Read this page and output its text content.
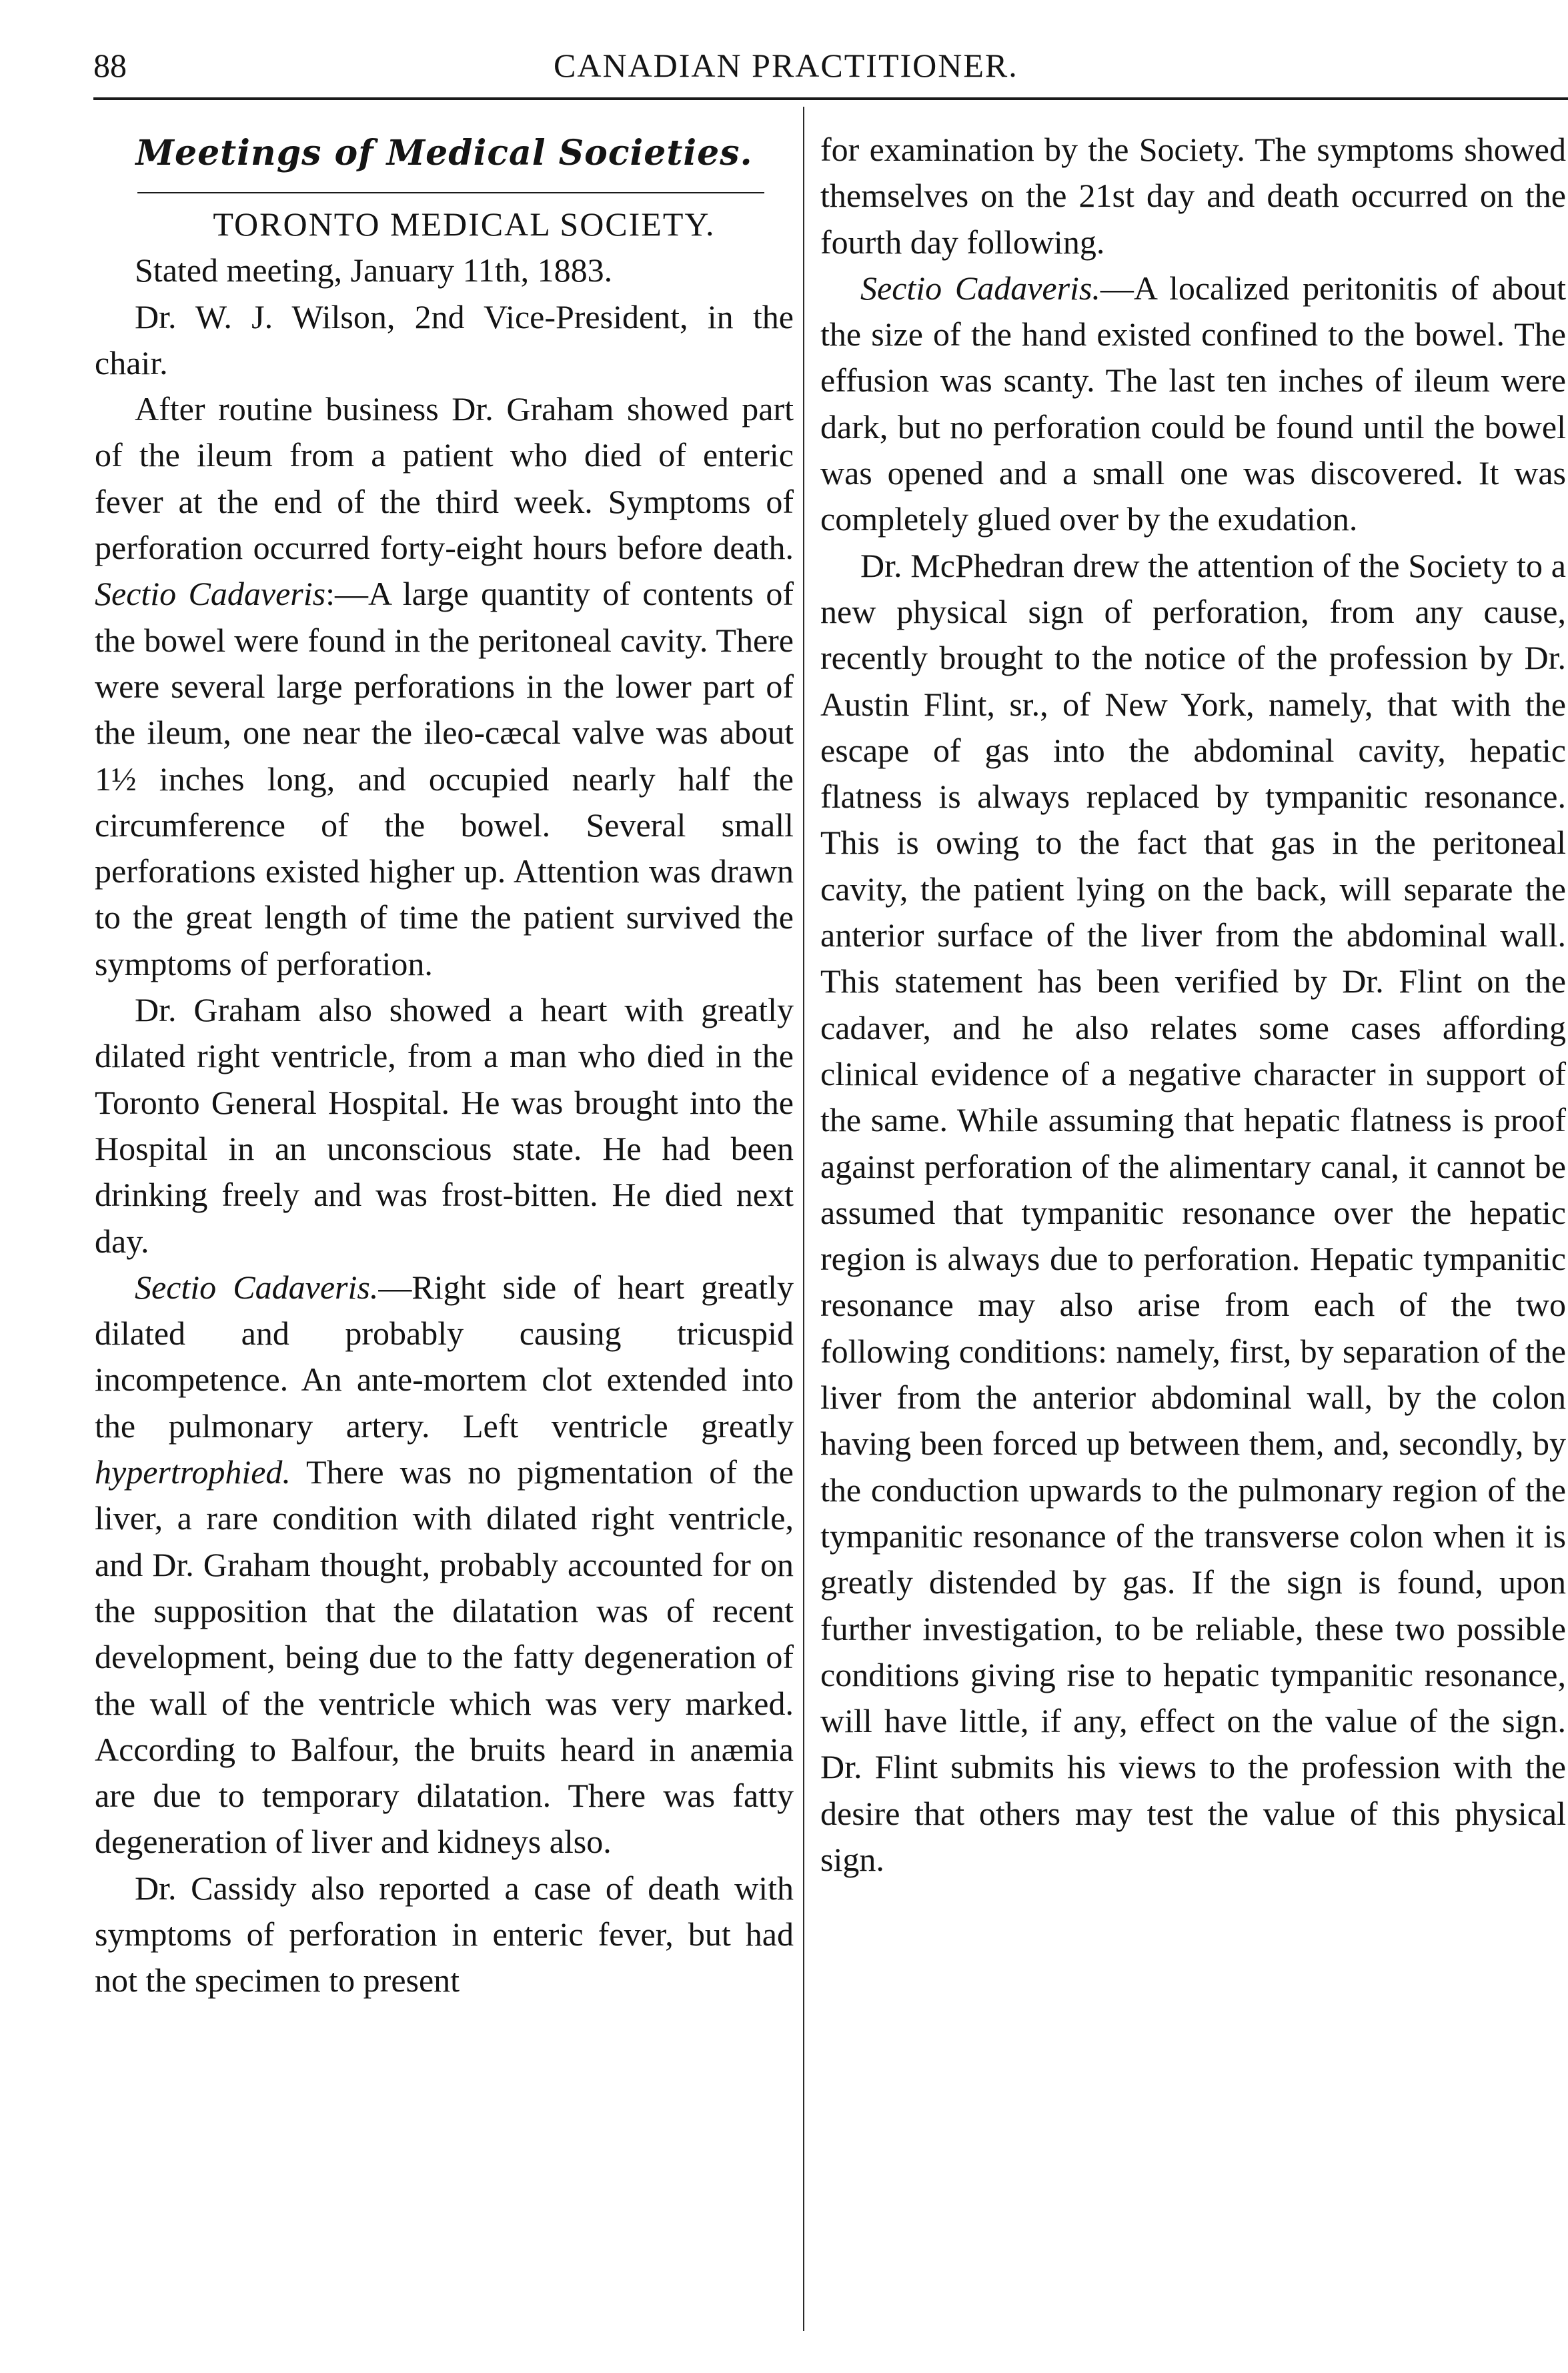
88	CANADIAN PRACTITIONER.
Meetings of Medical Societies.

TORONTO MEDICAL SOCIETY.

Stated meeting, January 11th, 1883.

Dr. W. J. Wilson, 2nd Vice-President, in the chair.

After routine business Dr. Graham showed part of the ileum from a patient who died of enteric fever at the end of the third week. Symptoms of perforation occurred forty-eight hours before death. Sectio Cadaveris:—A large quantity of contents of the bowel were found in the peritoneal cavity. There were several large perforations in the lower part of the ileum, one near the ileo-cæcal valve was about 1½ inches long, and occupied nearly half the circumference of the bowel. Several small perforations existed higher up. Attention was drawn to the great length of time the patient survived the symptoms of perforation.

Dr. Graham also showed a heart with greatly dilated right ventricle, from a man who died in the Toronto General Hospital. He was brought into the Hospital in an unconscious state. He had been drinking freely and was frost-bitten. He died next day.

Sectio Cadaveris.—Right side of heart greatly dilated and probably causing tricuspid incompetence. An ante-mortem clot extended into the pulmonary artery. Left ventricle greatly hypertrophied. There was no pigmentation of the liver, a rare condition with dilated right ventricle, and Dr. Graham thought, probably accounted for on the supposition that the dilatation was of recent development, being due to the fatty degeneration of the wall of the ventricle which was very marked. According to Balfour, the bruits heard in anæmia are due to temporary dilatation. There was fatty degeneration of liver and kidneys also.

Dr. Cassidy also reported a case of death with symptoms of perforation in enteric fever, but had not the specimen to present

for examination by the Society. The symptoms showed themselves on the 21st day and death occurred on the fourth day following.

Sectio Cadaveris.—A localized peritonitis of about the size of the hand existed confined to the bowel. The effusion was scanty. The last ten inches of ileum were dark, but no perforation could be found until the bowel was opened and a small one was discovered. It was completely glued over by the exudation.

Dr. McPhedran drew the attention of the Society to a new physical sign of perforation, from any cause, recently brought to the notice of the profession by Dr. Austin Flint, sr., of New York, namely, that with the escape of gas into the abdominal cavity, hepatic flatness is always replaced by tympanitic resonance. This is owing to the fact that gas in the peritoneal cavity, the patient lying on the back, will separate the anterior surface of the liver from the abdominal wall. This statement has been verified by Dr. Flint on the cadaver, and he also relates some cases affording clinical evidence of a negative character in support of the same. While assuming that hepatic flatness is proof against perforation of the alimentary canal, it cannot be assumed that tympanitic resonance over the hepatic region is always due to perforation. Hepatic tympanitic resonance may also arise from each of the two following conditions: namely, first, by separation of the liver from the anterior abdominal wall, by the colon having been forced up between them, and, secondly, by the conduction upwards to the pulmonary region of the tympanitic resonance of the transverse colon when it is greatly distended by gas. If the sign is found, upon further investigation, to be reliable, these two possible conditions giving rise to hepatic tympanitic resonance, will have little, if any, effect on the value of the sign. Dr. Flint submits his views to the profession with the desire that others may test the value of this physical sign.
